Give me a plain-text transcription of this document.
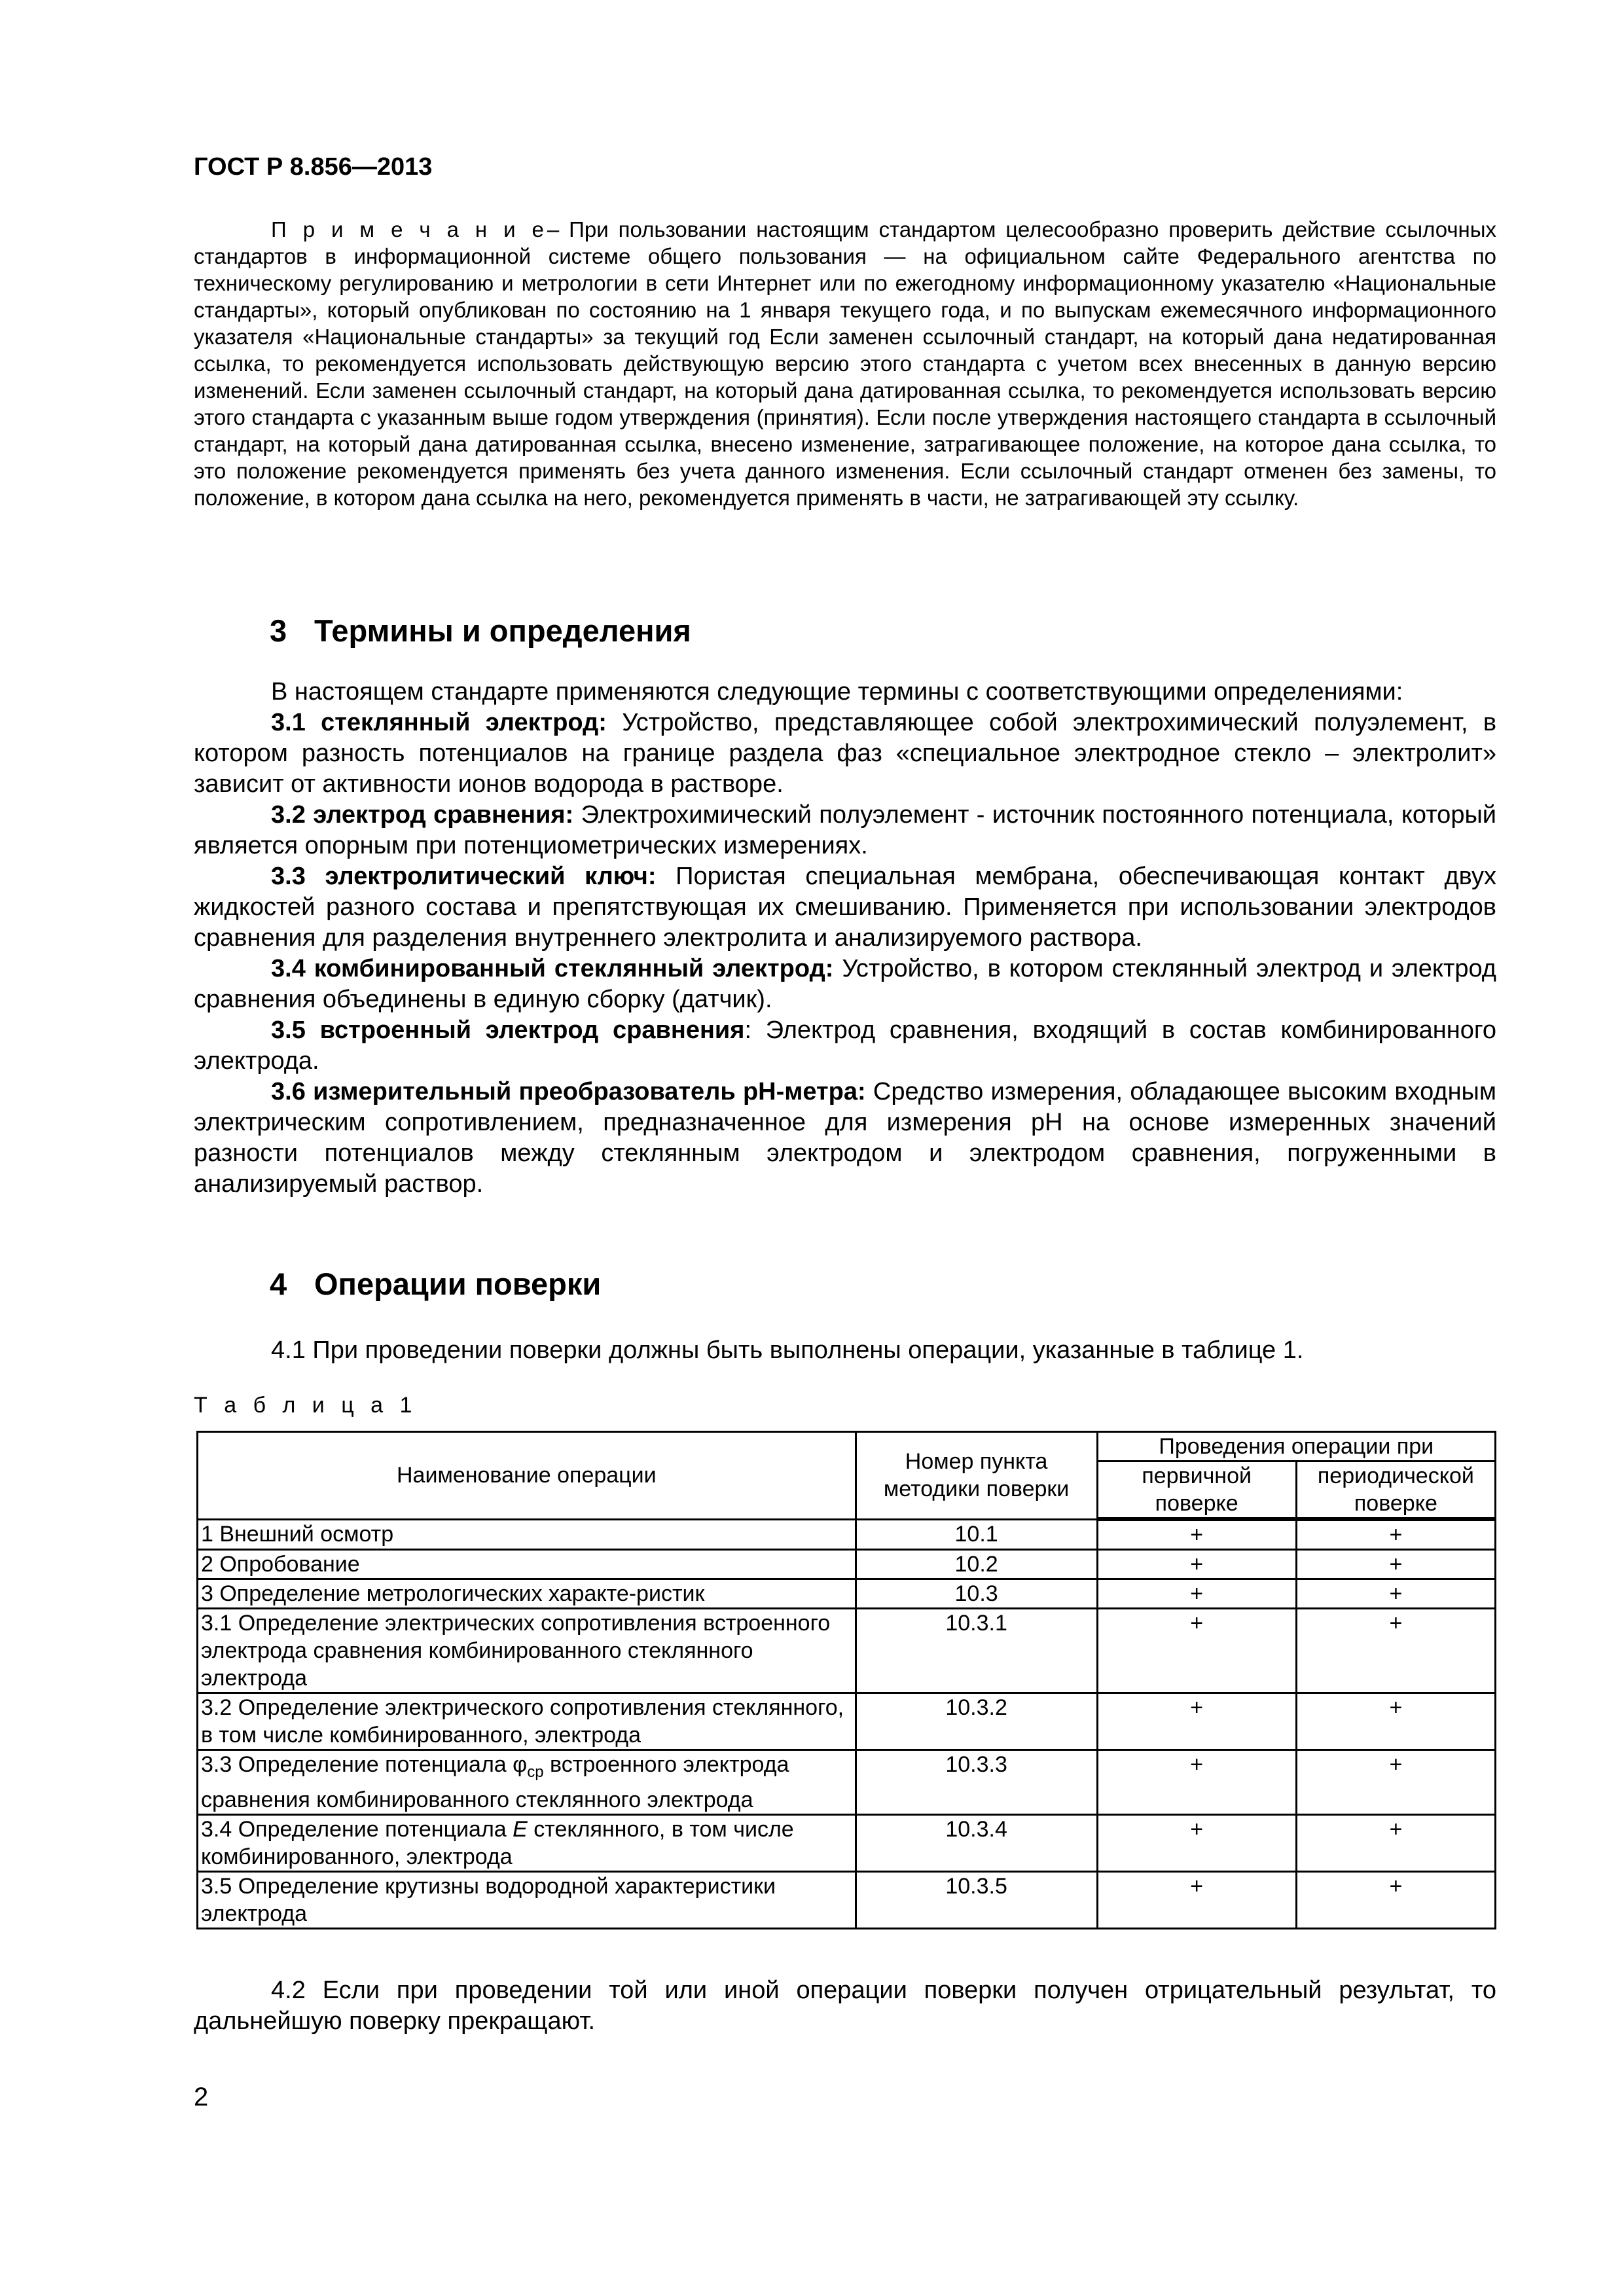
ГОСТ Р 8.856—2013
П р и м е ч а н и е– При пользовании настоящим стандартом целесообразно проверить действие ссылочных стандартов в информационной системе общего пользования — на официальном сайте Федерального агентства по техническому регулированию и метрологии в сети Интернет или по ежегодному информационному указателю «Национальные стандарты», который опубликован по состоянию на 1 января текущего года, и по выпускам ежемесячного информационного указателя «Национальные стандарты» за текущий год Если заменен ссылочный стандарт, на который дана недатированная ссылка, то рекомендуется использовать действующую версию этого стандарта с учетом всех внесенных в данную версию изменений. Если заменен ссылочный стандарт, на который дана датированная ссылка, то рекомендуется использовать версию этого стандарта с указанным выше годом утверждения (принятия). Если после утверждения настоящего стандарта в ссылочный стандарт, на который дана датированная ссылка, внесено изменение, затрагивающее положение, на которое дана ссылка, то это положение рекомендуется применять без учета данного изменения. Если ссылочный стандарт отменен без замены, то положение, в котором дана ссылка на него, рекомендуется применять в части, не затрагивающей эту ссылку.
3 Термины и определения

В настоящем стандарте применяются следующие термины с соответствующими определениями:

3.1 стеклянный электрод: Устройство, представляющее собой электрохимический полуэлемент, в котором разность потенциалов на границе раздела фаз «специальное электродное стекло – электролит» зависит от активности ионов водорода в растворе.

3.2 электрод сравнения: Электрохимический полуэлемент - источник постоянного потенциала, который является опорным при потенциометрических измерениях.

3.3 электролитический ключ: Пористая специальная мембрана, обеспечивающая контакт двух жидкостей разного состава и препятствующая их смешиванию. Применяется при использовании электродов сравнения для разделения внутреннего электролита и анализируемого раствора.

3.4 комбинированный стеклянный электрод: Устройство, в котором стеклянный электрод и электрод сравнения объединены в единую сборку (датчик).

3.5 встроенный электрод сравнения: Электрод сравнения, входящий в состав комбинированного электрода.

3.6 измерительный преобразователь pH-метра: Средство измерения, обладающее высоким входным электрическим сопротивлением, предназначенное для измерения pH на основе измеренных значений разности потенциалов между стеклянным электродом и электродом сравнения, погруженными в анализируемый раствор.

4 Операции поверки
4.1 При проведении поверки должны быть выполнены операции, указанные в таблице 1.
Т а б л и ц а 1
Наименование операции	Номер пункта методики поверки	Проведения операции при	
		первичной поверке	периодической поверке
1 Внешний осмотр	10.1	+	+
2 Опробование	10.2	+	+
3 Определение метрологических характе-ристик	10.3	+	+
3.1 Определение электрических сопротивления встроенного электрода сравнения комбинированного стеклянного электрода	10.3.1	+	+
3.2 Определение электрического сопротивления стеклянного, в том числе комбинированного, электрода	10.3.2	+	+
3.3 Определение потенциала $\varphi_{ср}$ встроенного электрода сравнения комбинированного стеклянного электрода	10.3.3	+	+
3.4 Определение потенциала E стеклянного, в том числе комбинированного, электрода	10.3.4	+	+
3.5 Определение крутизны водородной характеристики электрода	10.3.5	+	+
4.2 Если при проведении той или иной операции поверки получен отрицательный результат, то дальнейшую поверку прекращают.
2
